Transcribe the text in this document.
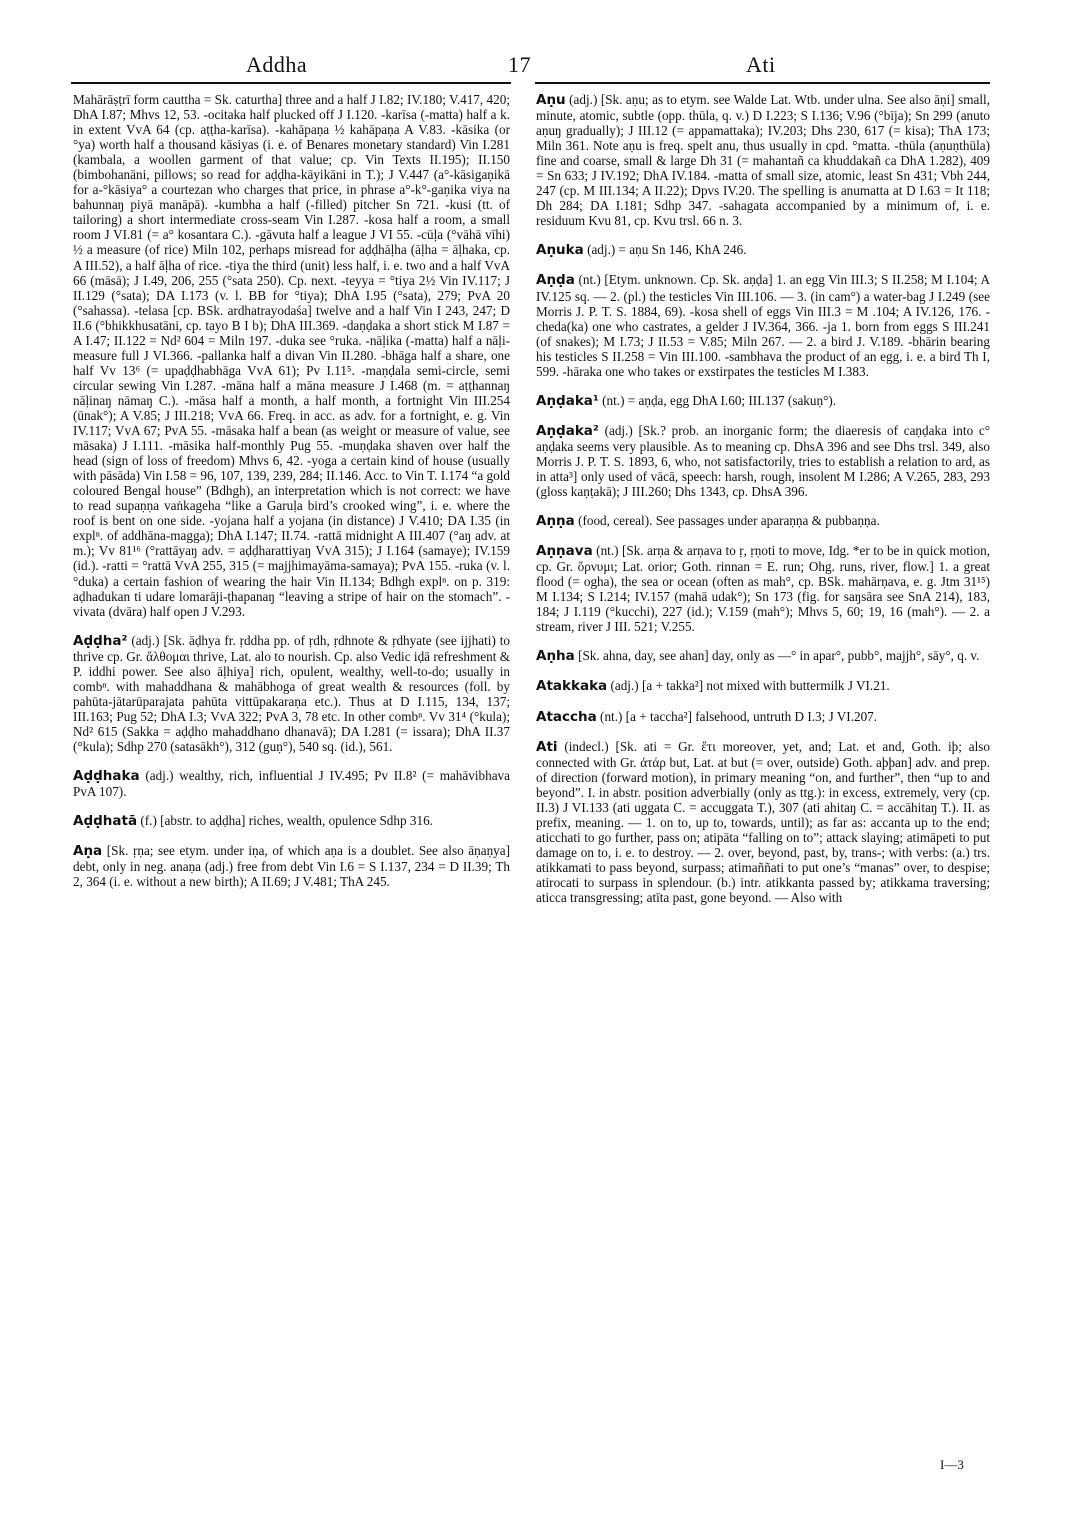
Addha	17	Ati

Mahārāṣṭrī form cauttha = Sk. caturtha] three and a half J I.82; IV.180; V.417, 420; DhA I.87; Mhvs 12, 53. -ocitaka half plucked off J I.120. -karīsa (-matta) half a k. in extent VvA 64 (cp. aṭṭha-karīsa). -kahāpaṇa ½ kahāpaṇa A V.83. -kāsika (or °ya) worth half a thousand kāsiyas (i. e. of Benares monetary standard) Vin I.281 (kambala, a woollen garment of that value; cp. Vin Texts II.195); II.150 (bimbohanāni, pillows; so read for aḍḍha-kāyikāni in T.); J V.447 (a°-kāsigaṇikā for a-°kāsiya° a courtezan who charges that price, in phrase a°-k°-gaṇika viya na bahunnaŋ piyā manāpā). -kumbha a half (-filled) pitcher Sn 721. -kusi (tt. of tailoring) a short intermediate cross-seam Vin I.287. -kosa half a room, a small room J VI.81 (= a° kosantara C.). -gāvuta half a league J VI 55. -cūḷa (°vāhā vīhi) ½ a measure (of rice) Miln 102, perhaps misread for aḍḍhāḷha (āḷha = āḷhaka, cp. A III.52), a half āḷha of rice. -tiya the third (unit) less half, i. e. two and a half VvA 66 (māsā); J I.49, 206, 255 (°sata 250). Cp. next. -teyya = °tiya 2½ Vin IV.117; J II.129 (°sata); DA I.173 (v. l. BB for °tiya); DhA I.95 (°sata), 279; PvA 20 (°sahassa). -telasa [cp. BSk. ardhatrayodaśa] twelve and a half Vin I 243, 247; D II.6 (°bhikkhusatāni, cp. tayo B I b); DhA III.369. -daṇḍaka a short stick M I.87 = A I.47; II.122 = Nd² 604 = Miln 197. -duka see °ruka. -nāḷika (-matta) half a nāḷi-measure full J VI.366. -pallanka half a divan Vin II.280. -bhāga half a share, one half Vv 13⁶ (= upaḍḍhabhāga VvA 61); Pv I.11⁵. -maṇḍala semi-circle, semi circular sewing Vin I.287. -māna half a māna measure J I.468 (m. = aṭṭhannaŋ nāḷinaŋ nāmaŋ C.). -māsa half a month, a half month, a fortnight Vin III.254 (ūnak°); A V.85; J III.218; VvA 66. Freq. in acc. as adv. for a fortnight, e. g. Vin IV.117; VvA 67; PvA 55. -māsaka half a bean (as weight or measure of value, see māsaka) J I.111. -māsika half-monthly Pug 55. -muṇḍaka shaven over half the head (sign of loss of freedom) Mhvs 6, 42. -yoga a certain kind of house (usually with pāsāda) Vin I.58 = 96, 107, 139, 239, 284; II.146. Acc. to Vin T. I.174 “a gold coloured Bengal house” (Bdhgh), an interpretation which is not correct: we have to read supaṇṇa vaṅkageha “like a Garuḷa bird’s crooked wing”, i. e. where the roof is bent on one side. -yojana half a yojana (in distance) J V.410; DA I.35 (in explⁿ. of addhāna-magga); DhA I.147; II.74. -rattā midnight A III.407 (°aŋ adv. at m.); Vv 81¹⁶ (°rattāyaŋ adv. = aḍḍharattiyaŋ VvA 315); J I.164 (samaye); IV.159 (id.). -ratti = °rattā VvA 255, 315 (= majjhimayāma-samaya); PvA 155. -ruka (v. l. °duka) a certain fashion of wearing the hair Vin II.134; Bdhgh explⁿ. on p. 319: aḍhadukan ti udare lomarāji-ṭhapanaŋ “leaving a stripe of hair on the stomach”. -vivata (dvāra) half open J V.293.

Aḍḍha² (adj.) [Sk. āḍhya fr. ṛddha pp. of ṛdh, ṛdhnote & ṛdhyate (see ijjhati) to thrive cp. Gr. ἄλθομαι thrive, Lat. alo to nourish. Cp. also Vedic iḍā refreshment & P. iddhi power. See also āḷhiya] rich, opulent, wealthy, well-to-do; usually in combⁿ. with mahaddhana & mahābhoga of great wealth & resources (foll. by pahūta-jātarūparajata pahūta vittūpakaraṇa etc.). Thus at D I.115, 134, 137; III.163; Pug 52; DhA I.3; VvA 322; PvA 3, 78 etc. In other combⁿ. Vv 31⁴ (°kula); Nd² 615 (Sakka = aḍḍho mahaddhano dhanavā); DA I.281 (= issara); DhA II.37 (°kula); Sdhp 270 (satasākh°), 312 (guṇ°), 540 sq. (id.), 561.

Aḍḍhaka (adj.) wealthy, rich, influential J IV.495; Pv II.8² (= mahāvibhava PvA 107).

Aḍḍhatā (f.) [abstr. to aḍḍha] riches, wealth, opulence Sdhp 316.

Aṇa [Sk. ṛṇa; see etym. under iṇa, of which aṇa is a doublet. See also āṇaṇya] debt, only in neg. anaṇa (adj.) free from debt Vin I.6 = S I.137, 234 = D II.39; Th 2, 364 (i. e. without a new birth); A II.69; J V.481; ThA 245.

Aṇu (adj.) [Sk. aṇu; as to etym. see Walde Lat. Wtb. under ulna. See also āṇi] small, minute, atomic, subtle (opp. thūla, q. v.) D I.223; S I.136; V.96 (°bīja); Sn 299 (anuto aṇuŋ gradually); J III.12 (= appamattaka); IV.203; Dhs 230, 617 (= kisa); ThA 173; Miln 361. Note aṇu is freq. spelt anu, thus usually in cpd. °matta. -thūla (aṇuṇthūla) fine and coarse, small & large Dh 31 (= mahantañ ca khuddakañ ca DhA 1.282), 409 = Sn 633; J IV.192; DhA IV.184. -matta of small size, atomic, least Sn 431; Vbh 244, 247 (cp. M III.134; A II.22); Dpvs IV.20. The spelling is anumatta at D I.63 = It 118; Dh 284; DA I.181; Sdhp 347. -sahagata accompanied by a minimum of, i. e. residuum Kvu 81, cp. Kvu trsl. 66 n. 3.

Aṇuka (adj.) = aṇu Sn 146, KhA 246.

Aṇḍa (nt.) [Etym. unknown. Cp. Sk. aṇḍa] 1. an egg Vin III.3; S II.258; M I.104; A IV.125 sq. — 2. (pl.) the testicles Vin III.106. — 3. (in cam°) a water-bag J I.249 (see Morris J. P. T. S. 1884, 69). -kosa shell of eggs Vin III.3 = M .104; A IV.126, 176. -cheda(ka) one who castrates, a gelder J IV.364, 366. -ja 1. born from eggs S III.241 (of snakes); M I.73; J II.53 = V.85; Miln 267. — 2. a bird J. V.189. -bhārin bearing his testicles S II.258 = Vin III.100. -sambhava the product of an egg, i. e. a bird Th I, 599. -hāraka one who takes or exstirpates the testicles M I.383.

Aṇḍaka¹ (nt.) = aṇḍa, egg DhA I.60; III.137 (sakuṇ°).

Aṇḍaka² (adj.) [Sk.? prob. an inorganic form; the diaeresis of caṇḍaka into c° aṇḍaka seems very plausible. As to meaning cp. DhsA 396 and see Dhs trsl. 349, also Morris J. P. T. S. 1893, 6, who, not satisfactorily, tries to establish a relation to ard, as in atta³] only used of vācā, speech: harsh, rough, insolent M I.286; A V.265, 283, 293 (gloss kaṇṭakā); J III.260; Dhs 1343, cp. DhsA 396.

Aṇṇa (food, cereal). See passages under aparaṇṇa & pubbaṇṇa.

Aṇṇava (nt.) [Sk. arṇa & arṇava to ṛ, ṛṇoti to move, Idg. *er to be in quick motion, cp. Gr. ὄρνυμι; Lat. orior; Goth. rinnan = E. run; Ohg. runs, river, flow.] 1. a great flood (= ogha), the sea or ocean (often as mah°, cp. BSk. mahārṇava, e. g. Jtm 31¹⁵) M I.134; S I.214; IV.157 (mahā udak°); Sn 173 (fig. for saŋsāra see SnA 214), 183, 184; J I.119 (°kucchi), 227 (id.); V.159 (mah°); Mhvs 5, 60; 19, 16 (mah°). — 2. a stream, river J III. 521; V.255.

Aṇha [Sk. ahna, day, see ahan] day, only as —° in apar°, pubb°, majjh°, sāy°, q. v.

Atakkaka (adj.) [a + takka²] not mixed with buttermilk J VI.21.

Ataccha (nt.) [a + taccha²] falsehood, untruth D I.3; J VI.207.

Ati (indecl.) [Sk. ati = Gr. ἔτι moreover, yet, and; Lat. et and, Goth. iþ; also connected with Gr. ἀτάρ but, Lat. at but (= over, outside) Goth. aþþan] adv. and prep. of direction (forward motion), in primary meaning “on, and further”, then “up to and beyond”. I. in abstr. position adverbially (only as ttg.): in excess, extremely, very (cp. II.3) J VI.133 (ati uggata C. = accuggata T.), 307 (ati ahitaŋ C. = accāhitaŋ T.). II. as prefix, meaning. — 1. on to, up to, towards, until); as far as: accanta up to the end; aticchati to go further, pass on; atipāta “falling on to”; attack slaying; atimāpeti to put damage on to, i. e. to destroy. — 2. over, beyond, past, by, trans-; with verbs: (a.) trs. atikkamati to pass beyond, surpass; atimaññati to put one’s “manas” over, to despise; atirocati to surpass in splendour. (b.) intr. atikkanta passed by; atikkama traversing; aticca transgressing; atīta past, gone beyond. — Also with

I—3
